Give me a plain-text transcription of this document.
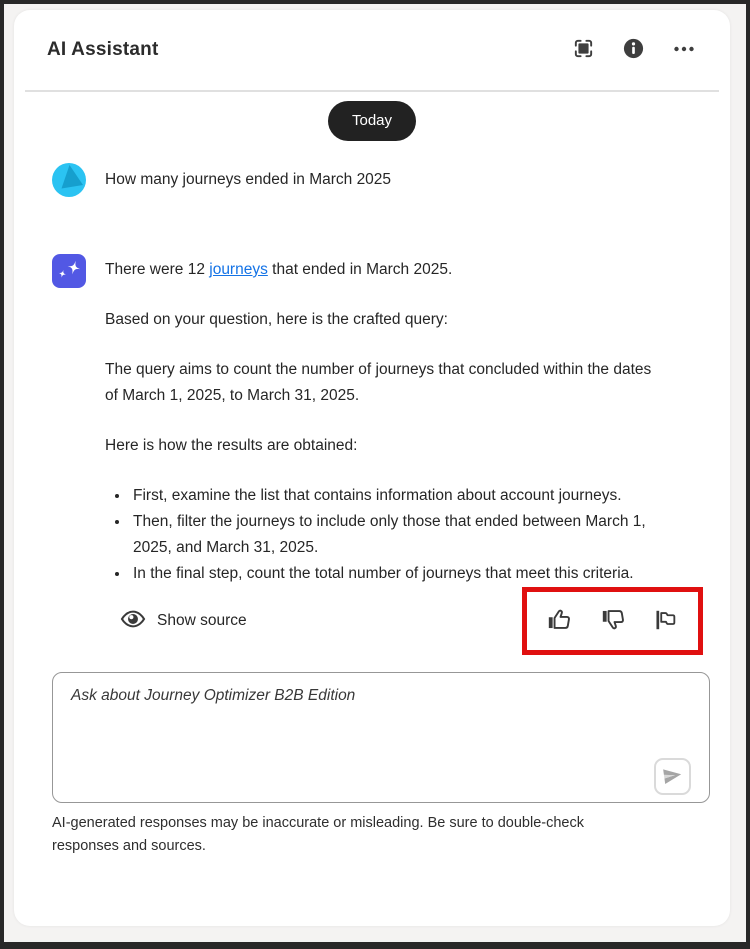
AI Assistant
Today
How many journeys ended in March 2025

There were 12 journeys that ended in March 2025.

Based on your question, here is the crafted query:

The query aims to count the number of journeys that concluded within the dates of March 1, 2025, to March 31, 2025.

Here is how the results are obtained:

• First, examine the list that contains information about account journeys.
• Then, filter the journeys to include only those that ended between March 1, 2025, and March 31, 2025.
• In the final step, count the total number of journeys that meet this criteria.
Show source
Ask about Journey Optimizer B2B Edition
AI-generated responses may be inaccurate or misleading. Be sure to double-check responses and sources.
